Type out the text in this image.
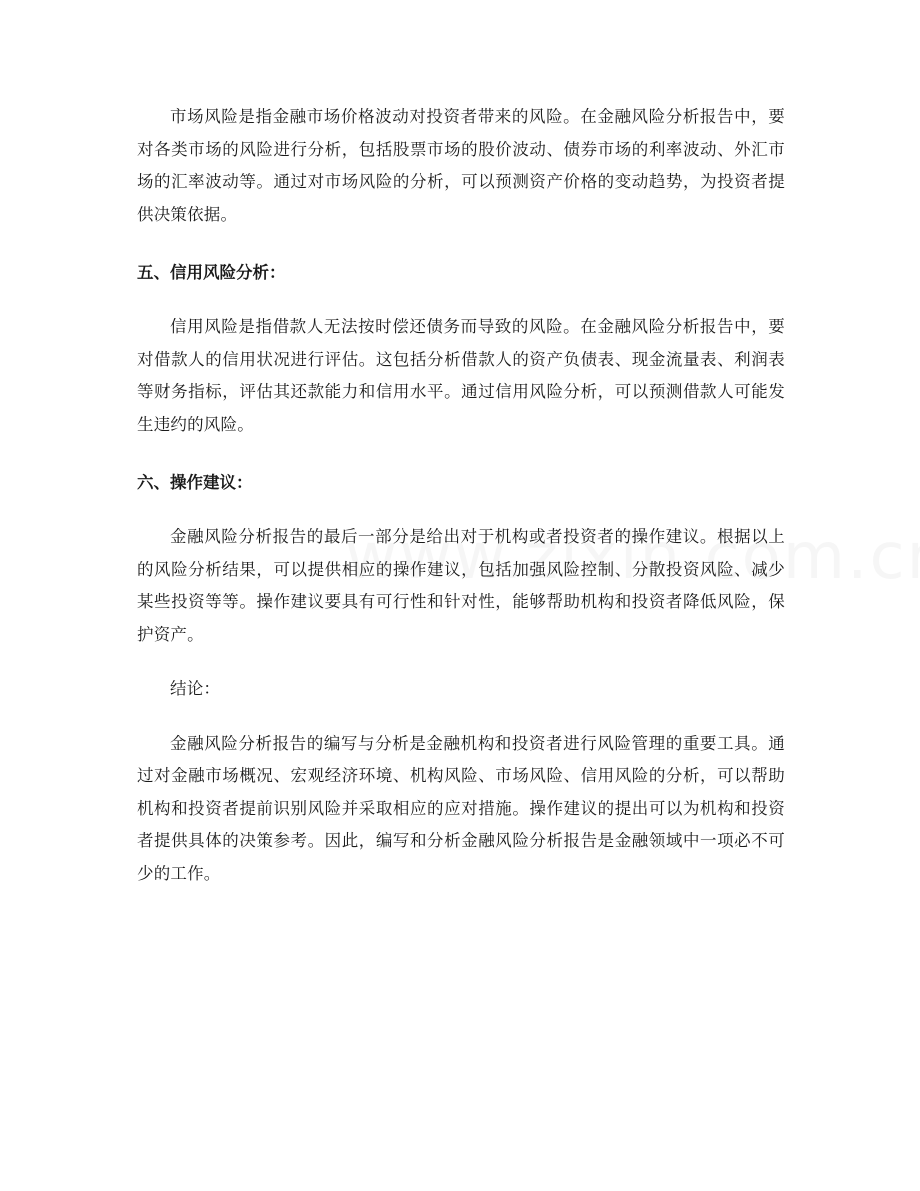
市场风险是指金融市场价格波动对投资者带来的风险。在金融风险分析报告中，要对各类市场的风险进行分析，包括股票市场的股价波动、债券市场的利率波动、外汇市场的汇率波动等。通过对市场风险的分析，可以预测资产价格的变动趋势，为投资者提供决策依据。

五、信用风险分析：

信用风险是指借款人无法按时偿还债务而导致的风险。在金融风险分析报告中，要对借款人的信用状况进行评估。这包括分析借款人的资产负债表、现金流量表、利润表等财务指标，评估其还款能力和信用水平。通过信用风险分析，可以预测借款人可能发生违约的风险。

六、操作建议：

金融风险分析报告的最后一部分是给出对于机构或者投资者的操作建议。根据以上的风险分析结果，可以提供相应的操作建议，包括加强风险控制、分散投资风险、减少某些投资等等。操作建议要具有可行性和针对性，能够帮助机构和投资者降低风险，保护资产。

结论：

金融风险分析报告的编写与分析是金融机构和投资者进行风险管理的重要工具。通过对金融市场概况、宏观经济环境、机构风险、市场风险、信用风险的分析，可以帮助机构和投资者提前识别风险并采取相应的应对措施。操作建议的提出可以为机构和投资者提供具体的决策参考。因此，编写和分析金融风险分析报告是金融领域中一项必不可少的工作。
